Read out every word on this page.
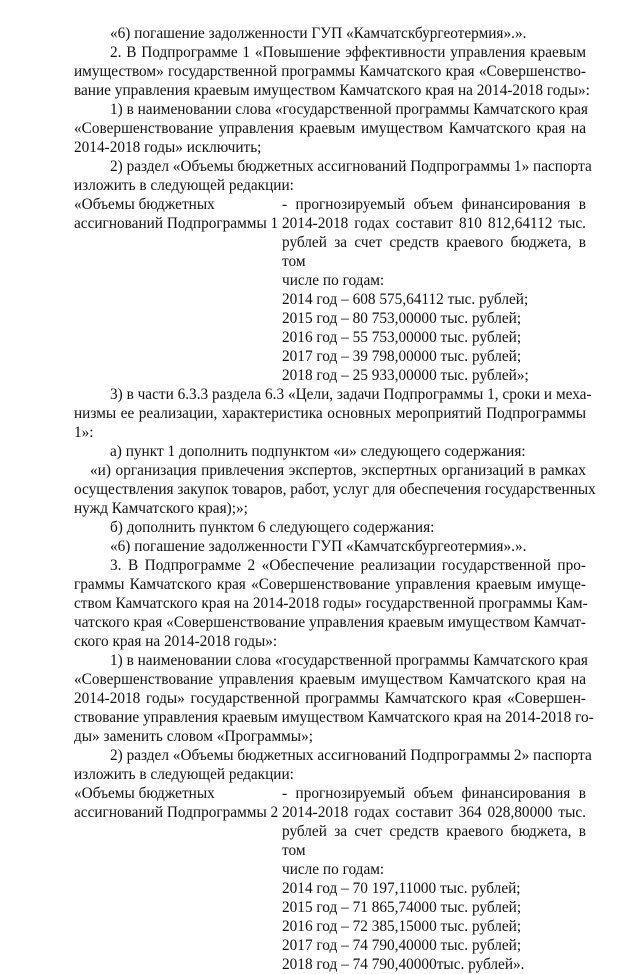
«6) погашение задолженности ГУП «Камчатскбургеотермия».».

2. В Подпрограмме 1 «Повышение эффективности управления краевым
имуществом» государственной программы Камчатского края «Совершенство-
вание управления краевым имуществом Камчатского края на 2014-2018 годы»:

1) в наименовании слова «государственной программы Камчатского края
«Совершенствование управления краевым имуществом Камчатского края на
2014-2018 годы» исключить;

2) раздел «Объемы бюджетных ассигнований Подпрограммы 1» паспорта
изложить в следующей редакции:

«Объемы бюджетных ассигнований Подпрограммы 1
- прогнозируемый объем финансирования в
2014-2018 годах составит 810 812,64112 тыс.
рублей за счет средств краевого бюджета, в том
числе по годам:
2014 год – 608 575,64112 тыс. рублей;
2015 год – 80 753,00000 тыс. рублей;
2016 год – 55 753,00000 тыс. рублей;
2017 год – 39 798,00000 тыс. рублей;
2018 год – 25 933,00000 тыс. рублей»;

3) в части 6.3.3 раздела 6.3 «Цели, задачи Подпрограммы 1, сроки и меха-
низмы ее реализации, характеристика основных мероприятий Подпрограммы
1»:

а) пункт 1 дополнить подпунктом «и» следующего содержания:

«и) организация привлечения экспертов, экспертных организаций в рамках
осуществления закупок товаров, работ, услуг для обеспечения государственных
нужд Камчатского края);»;

б) дополнить пунктом 6 следующего содержания:

«6) погашение задолженности ГУП «Камчатскбургеотермия».».

3. В Подпрограмме 2 «Обеспечение реализации государственной про-
граммы Камчатского края «Совершенствование управления краевым имуще-
ством Камчатского края на 2014-2018 годы» государственной программы Кам-
чатского края «Совершенствование управления краевым имуществом Камчат-
ского края на 2014-2018 годы»:

1) в наименовании слова «государственной программы Камчатского края
«Совершенствование управления краевым имуществом Камчатского края на
2014-2018 годы» государственной программы Камчатского края «Совершен-
ствование управления краевым имуществом Камчатского края на 2014-2018 го-
ды» заменить словом «Программы»;

2) раздел «Объемы бюджетных ассигнований Подпрограммы 2» паспорта
изложить в следующей редакции:

«Объемы бюджетных ассигнований Подпрограммы 2
- прогнозируемый объем финансирования в
2014-2018 годах составит 364 028,80000 тыс.
рублей за счет средств краевого бюджета, в том
числе по годам:
2014 год – 70 197,11000 тыс. рублей;
2015 год – 71 865,74000 тыс. рублей;
2016 год – 72 385,15000 тыс. рублей;
2017 год – 74 790,40000 тыс. рублей;
2018 год – 74 790,40000тыс. рублей».
